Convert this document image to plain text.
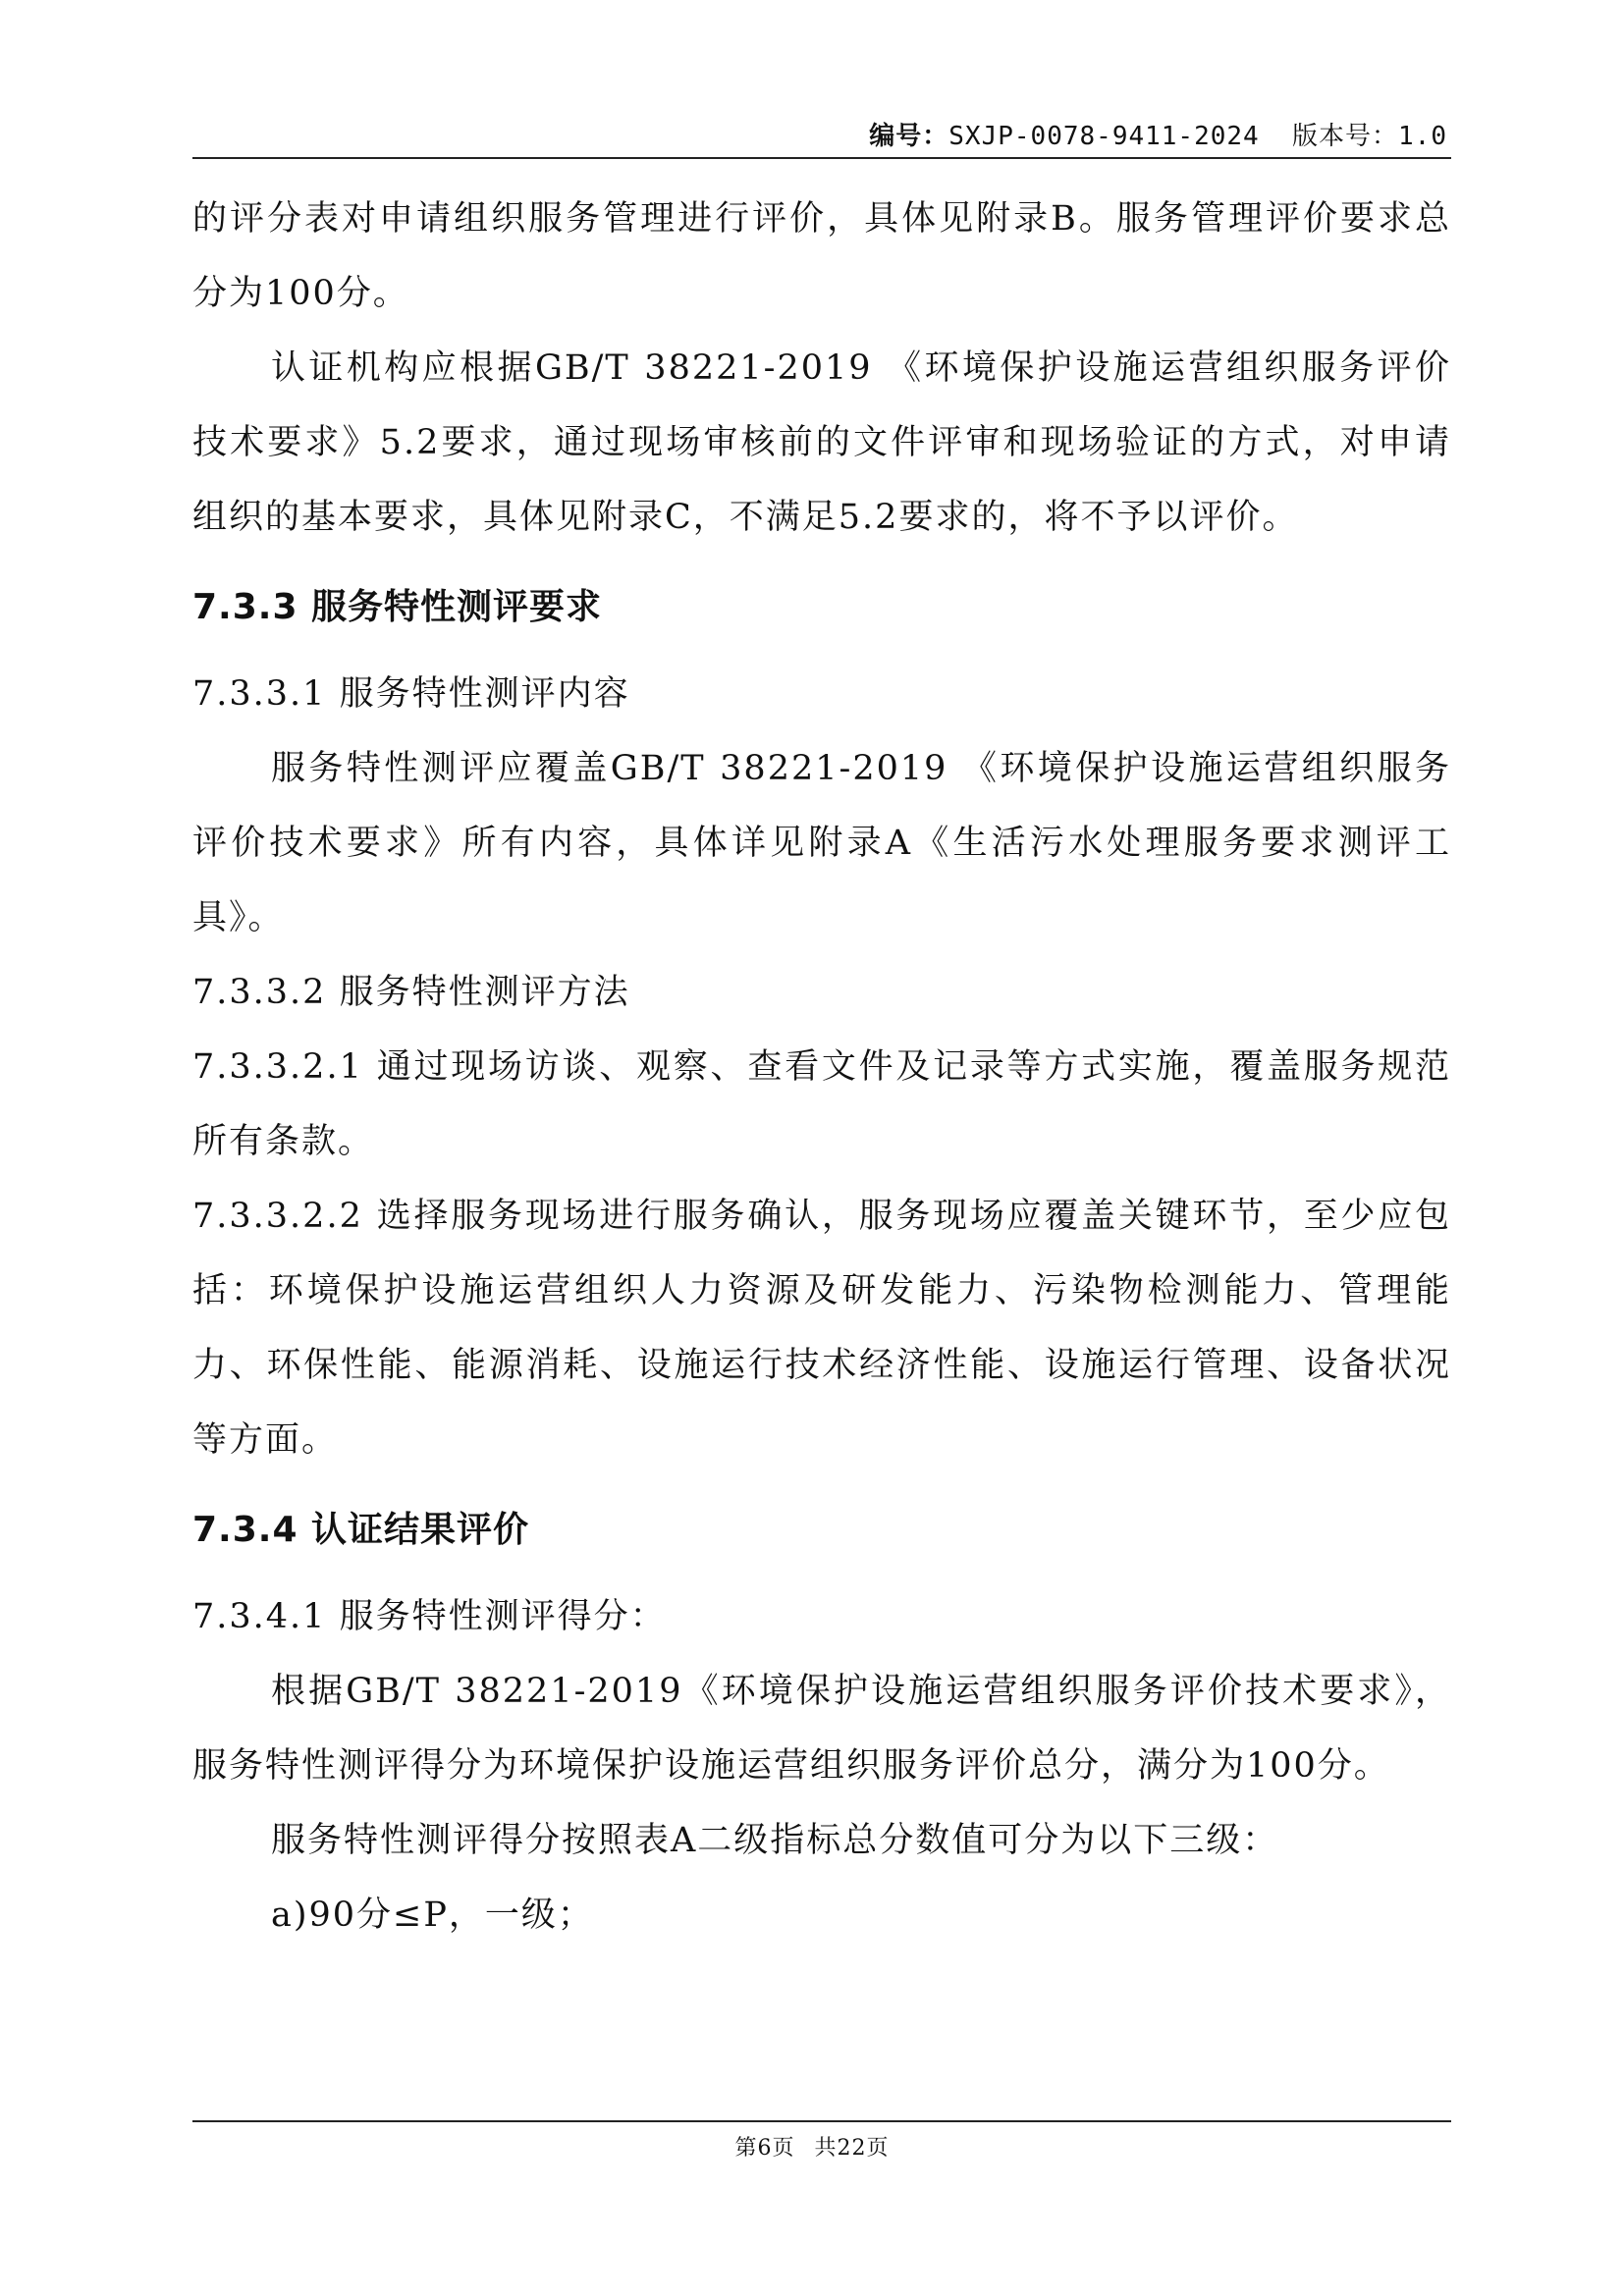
编号：SXJP-0078-9411-2024 版本号：1.0

的评分表对申请组织服务管理进行评价，具体见附录B。服务管理评价要求总分为100分。

认证机构应根据GB/T 38221-2019 《环境保护设施运营组织服务评价技术要求》5.2要求，通过现场审核前的文件评审和现场验证的方式，对申请组织的基本要求，具体见附录C，不满足5.2要求的，将不予以评价。

7.3.3 服务特性测评要求
7.3.3.1 服务特性测评内容

服务特性测评应覆盖GB/T 38221-2019 《环境保护设施运营组织服务评价技术要求》所有内容，具体详见附录A《生活污水处理服务要求测评工具》。

7.3.3.2 服务特性测评方法

7.3.3.2.1 通过现场访谈、观察、查看文件及记录等方式实施，覆盖服务规范所有条款。

7.3.3.2.2 选择服务现场进行服务确认，服务现场应覆盖关键环节，至少应包括：环境保护设施运营组织人力资源及研发能力、污染物检测能力、管理能力、环保性能、能源消耗、设施运行技术经济性能、设施运行管理、设备状况等方面。

7.3.4 认证结果评价
7.3.4.1 服务特性测评得分：

根据GB/T 38221-2019《环境保护设施运营组织服务评价技术要求》，服务特性测评得分为环境保护设施运营组织服务评价总分，满分为100分。

服务特性测评得分按照表A二级指标总分数值可分为以下三级：

a)90分≤P，一级；

第6页 共22页
